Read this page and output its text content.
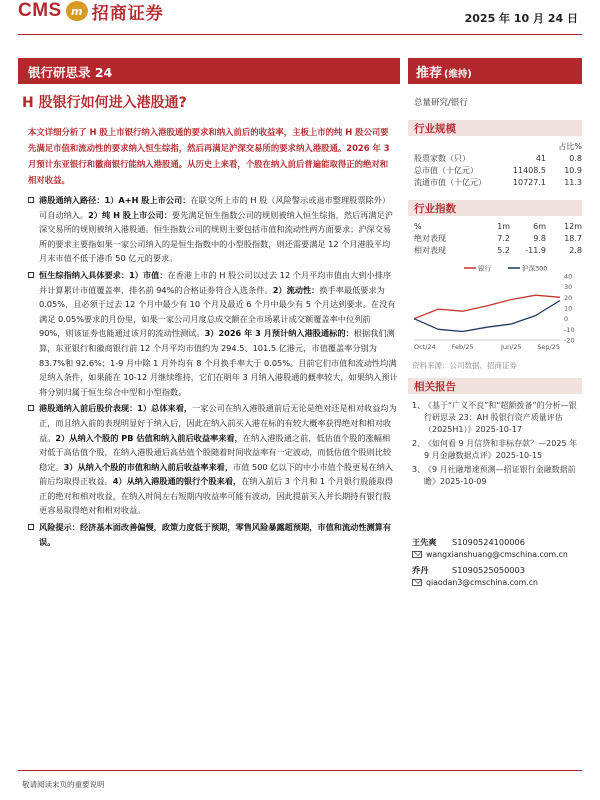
CMS m 招商证券	2025 年 10 月 24 日
银行研思录 24	推荐 (维持)
H 股银行如何进入港股通?	总量研究/银行
本文详细分析了 H 股上市银行纳入港股通的要求和纳入前后的收益率，主板上市的纯 H 股公司要先满足市值和流动性的要求纳入恒生综指，然后再满足沪深交易所的要求纳入港股通。2026 年 3 月预计东亚银行和徽商银行能纳入港股通。从历史上来看，个股在纳入前后普遍能取得正的绝对和相对收益。
港股通纳入路径：1）A+H 股上市公司：在联交所上市的 H 股（风险警示或退市整理股票除外）可自动纳入。2）纯 H 股上市公司：要先满足恒生指数公司的规则被纳入恒生综指，然后再满足沪深交易所的规则被纳入港股通。恒生指数公司的规则主要包括市值和流动性两方面要求；沪深交易所的要求主要指如果一家公司纳入的是恒生指数中的小型股指数，则还需要满足 12 个月港股平均月末市值不低于港币 50 亿元的要求。
恒生综指纳入具体要求：1）市值：在香港上市的 H 股公司以过去 12 个月平均市值由大到小排序并计算累计市值覆盖率，排名前 94%的合格证券符合入选条件。2）流动性：换手率最低要求为 0.05%，且必须于过去 12 个月中最少有 10 个月及最近 6 个月中最少有 5 个月达到要求。在没有满足 0.05%要求的月份里，如果一家公司月度总成交额在全市场累计成交额覆盖率中位列前 90%，则该证券也能通过该月的流动性测试。3）2026 年 3 月预计纳入港股通标的：根据我们测算，东亚银行和徽商银行前 12 个月平均市值约为 294.5、101.5 亿港元，市值覆盖率分别为 83.7%和 92.6%；1-9 月中除 1 月外均有 8 个月换手率大于 0.05%。目前它们市值和流动性均满足纳入条件，如果能在 10-12 月继续维持，它们在明年 3 月纳入港股通的概率较大，如果纳入预计将分别归属于恒生综合中型和小型指数。
港股通纳入前后股价表现：1）总体来看，一家公司在纳入港股通前后无论是绝对还是相对收益均为正，而且纳入前的表现明显好于纳入后，因此在纳入前买入港在标的有较大概率获得绝对和相对收益。2）从纳入个股的 PB 估值和纳入前后收益率来看，在纳入港股通之前，低估值个股的涨幅相对低于高估值个股，在纳入港股通后高估值个股随着时间收益率有一定波动，而低估值个股则比较稳定。3）从纳入个股的市值和纳入前后收益率来看，市值 500 亿以下的中小市值个股更易在纳入前后均取得正收益。4）从纳入港股通的银行个股来看，在纳入前后 3 个月和 1 个月银行股能取得正的绝对和相对收益，在纳入时间左右短期内收益率可能有波动，因此提前买入并长期持有银行股更容易取得绝对和相对收益。
风险提示：经济基本面改善偏慢，政策力度低于预期，零售风险暴露超预期，市值和流动性测算有误。
行业规模
占比%
股票家数（只）	41	0.8
总市值（十亿元）	11408.5	10.9
流通市值（十亿元）	10727.1	11.3
行业指数
%	1m	6m	12m
绝对表现	7.2	9.8	18.7
相对表现	5.2	-11.9	2.8
银行	沪深300
40
30
20
10
0
-10
-20
Oct/24 Feb/25	Jun/25 Sep/25
资料来源：公司数据、招商证券
相关报告
1、
《基于“广义不良”和“超额拨备”的分析—银行研思录 23：AH 股银行资产质量评估（2025H1）》2025-10-17
2、
《如何看 9 月信贷和非标存款？—2025 年 9 月金融数据点评》2025-10-15
3、
《9 月社融增速预测—招证银行金融数据前瞻》2025-10-09
王先爽	S1090524100006
wangxianshuang@cmschina.com.cn
乔丹	S1090525050003
qiaodan3@cmschina.com.cn
敬请阅读末页的重要说明
